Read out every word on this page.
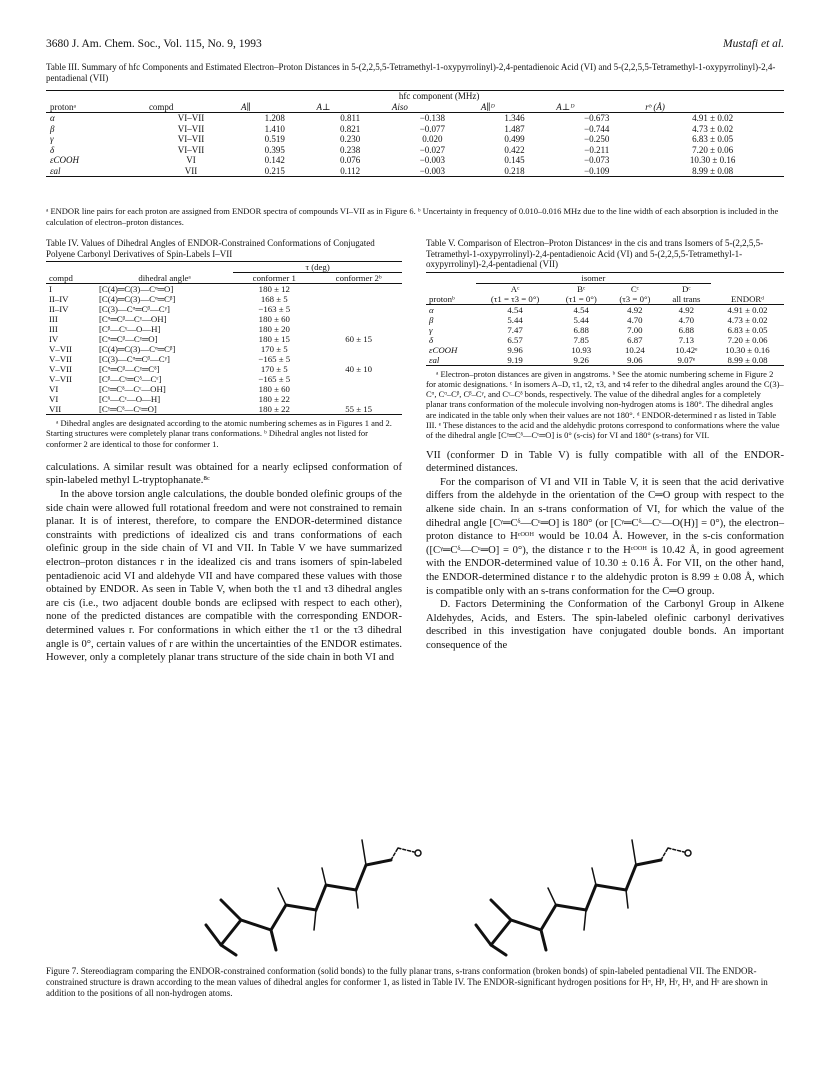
3680 J. Am. Chem. Soc., Vol. 115, No. 9, 1993	Mustafi et al.
Table III. Summary of hfc Components and Estimated Electron–Proton Distances in 5-(2,2,5,5-Tetramethyl-1-oxypyrrolinyl)-2,4-pentadienoic Acid (VI) and 5-(2,2,5,5-Tetramethyl-1-oxypyrrolinyl)-2,4-pentadienal (VII)
		hfc component (MHz)					
protonᵃ	compd	A∥	A⊥	Aiso	A∥ᴰ	A⊥ᴰ	rᵇ (Å)
α	VI–VII	1.208	0.811	−0.138	1.346	−0.673	4.91 ± 0.02
β	VI–VII	1.410	0.821	−0.077	1.487	−0.744	4.73 ± 0.02
γ	VI–VII	0.519	0.230	0.020	0.499	−0.250	6.83 ± 0.05
δ	VI–VII	0.395	0.238	−0.027	0.422	−0.211	7.20 ± 0.06
εCOOH	VI	0.142	0.076	−0.003	0.145	−0.073	10.30 ± 0.16
εal	VII	0.215	0.112	−0.003	0.218	−0.109	8.99 ± 0.08
ᵃ ENDOR line pairs for each proton are assigned from ENDOR spectra of compounds VI–VII as in Figure 6. ᵇ Uncertainty in frequency of 0.010–0.016 MHz due to the line width of each absorption is included in the calculation of electron–proton distances.
Table IV. Values of Dihedral Angles of ENDOR-Constrained Conformations of Conjugated Polyene Carbonyl Derivatives of Spin-Labels I–VII
		τ (deg)	
compd	dihedral angleᵃ	conformer 1	conformer 2ᵇ
I	[C(4)═C(3)—Cᵅ═O]	180 ± 12	
II–IV	[C(4)═C(3)—Cᵅ═Cᵝ]	168 ± 5	
II–IV	[C(3)—Cᵅ═Cᵝ—Cᵞ]	−163 ± 5	
III	[Cᵅ═Cᵝ—Cᵞ—OH]	180 ± 60	
III	[Cᵝ—Cᵞ—O—H]	180 ± 20	
IV	[Cᵅ═Cᵝ—Cᵞ═O]	180 ± 15	60 ± 15
V–VII	[C(4)═C(3)—Cᵅ═Cᵝ]	170 ± 5	
V–VII	[C(3)—Cᵅ═Cᵝ—Cᵞ]	−165 ± 5	
V–VII	[Cᵅ═Cᵝ—Cᵞ═Cᵟ]	170 ± 5	40 ± 10
V–VII	[Cᵝ—Cᵞ═Cᵟ—Cᵋ]	−165 ± 5	
VI	[Cᵞ═Cᵟ—Cᵋ—OH]	180 ± 60	
VI	[Cᵟ—Cᵋ—O—H]	180 ± 22	
VII	[Cᵞ═Cᵟ—Cᵋ═O]	180 ± 22	55 ± 15
ᵃ Dihedral angles are designated according to the atomic numbering schemes as in Figures 1 and 2. Starting structures were completely planar trans conformations. ᵇ Dihedral angles not listed for conformer 2 are identical to those for conformer 1.

calculations. A similar result was obtained for a nearly eclipsed conformation of spin-labeled methyl L-tryptophanate.⁸ᶜ

In the above torsion angle calculations, the double bonded olefinic groups of the side chain were allowed full rotational freedom and were not constrained to remain planar. It is of interest, therefore, to compare the ENDOR-determined distance constraints with predictions of idealized cis and trans conformations of each olefinic group in the side chain of VI and VII. In Table V we have summarized electron–proton distances r in the idealized cis and trans isomers of spin-labeled pentadienoic acid VI and aldehyde VII and have compared these values with those obtained by ENDOR. As seen in Table V, when both the τ1 and τ3 dihedral angles are cis (i.e., two adjacent double bonds are eclipsed with respect to each other), none of the predicted distances are compatible with the corresponding ENDOR-determined values r. For conformations in which either the τ1 or the τ3 dihedral angle is 0°, certain values of r are within the uncertainties of the ENDOR estimates. However, only a completely planar trans structure of the side chain in both VI and

Table V. Comparison of Electron–Proton Distancesᵃ in the cis and trans Isomers of 5-(2,2,5,5-Tetramethyl-1-oxypyrrolinyl)-2,4-pentadienoic Acid (VI) and 5-(2,2,5,5-Tetramethyl-1-oxypyrrolinyl)-2,4-pentadienal (VII)
	isomer				
	Aᶜ	Bᶜ	Cᶜ	Dᶜ	
protonᵇ	(τ1 = τ3 = 0°)	(τ1 = 0°)	(τ3 = 0°)	all trans	ENDORᵈ
α	4.54	4.54	4.92	4.92	4.91 ± 0.02
β	5.44	5.44	4.70	4.70	4.73 ± 0.02
γ	7.47	6.88	7.00	6.88	6.83 ± 0.05
δ	6.57	7.85	6.87	7.13	7.20 ± 0.06
εCOOH	9.96	10.93	10.24	10.42ᵉ	10.30 ± 0.16
εal	9.19	9.26	9.06	9.07ᵉ	8.99 ± 0.08
ᵃ Electron–proton distances are given in angstroms. ᵇ See the atomic numbering scheme in Figure 2 for atomic designations. ᶜ In isomers A–D, τ1, τ2, τ3, and τ4 refer to the dihedral angles around the C(3)–Cᵅ, Cᵅ–Cᵝ, Cᵝ–Cᵞ, and Cᵞ–Cᵟ bonds, respectively. The value of the dihedral angles for a completely planar trans conformation of the molecule involving non-hydrogen atoms is 180°. The dihedral angles are indicated in the table only when their values are not 180°. ᵈ ENDOR-determined r as listed in Table III. ᵉ These distances to the acid and the aldehydic protons correspond to conformations where the value of the dihedral angle [Cᵞ═Cᵟ—Cᵋ═O] is 0° (s-cis) for VI and 180° (s-trans) for VII.

VII (conformer D in Table V) is fully compatible with all of the ENDOR-determined distances.

For the comparison of VI and VII in Table V, it is seen that the acid derivative differs from the aldehyde in the orientation of the C═O group with respect to the alkene side chain. In an s-trans conformation of VI, for which the value of the dihedral angle [Cᵞ═Cᵟ—Cᵋ═O] is 180° (or [Cᵞ═Cᵟ—Cᵋ—O(H)] = 0°), the electron–proton distance to Hᶜᴼᴼᴴ would be 10.04 Å. However, in the s-cis conformation ([Cᵞ═Cᵟ—Cᵋ═O] = 0°), the distance r to the Hᶜᴼᴼᴴ is 10.42 Å, in good agreement with the ENDOR-determined value of 10.30 ± 0.16 Å. For VII, on the other hand, the ENDOR-determined distance r to the aldehydic proton is 8.99 ± 0.08 Å, which is compatible only with an s-trans conformation for the C═O group.

D. Factors Determining the Conformation of the Carbonyl Group in Alkene Aldehydes, Acids, and Esters. The spin-labeled olefinic carbonyl derivatives described in this investigation have conjugated double bonds. An important consequence of the

Figure 7. Stereodiagram comparing the ENDOR-constrained conformation (solid bonds) to the fully planar trans, s-trans conformation (broken bonds) of spin-labeled pentadienal VII. The ENDOR-constrained structure is drawn according to the mean values of dihedral angles for conformer 1, as listed in Table IV. The ENDOR-significant hydrogen positions for Hᵅ, Hᵝ, Hᵞ, Hᵟ, and Hᵋ are shown in addition to the positions of all non-hydrogen atoms.
